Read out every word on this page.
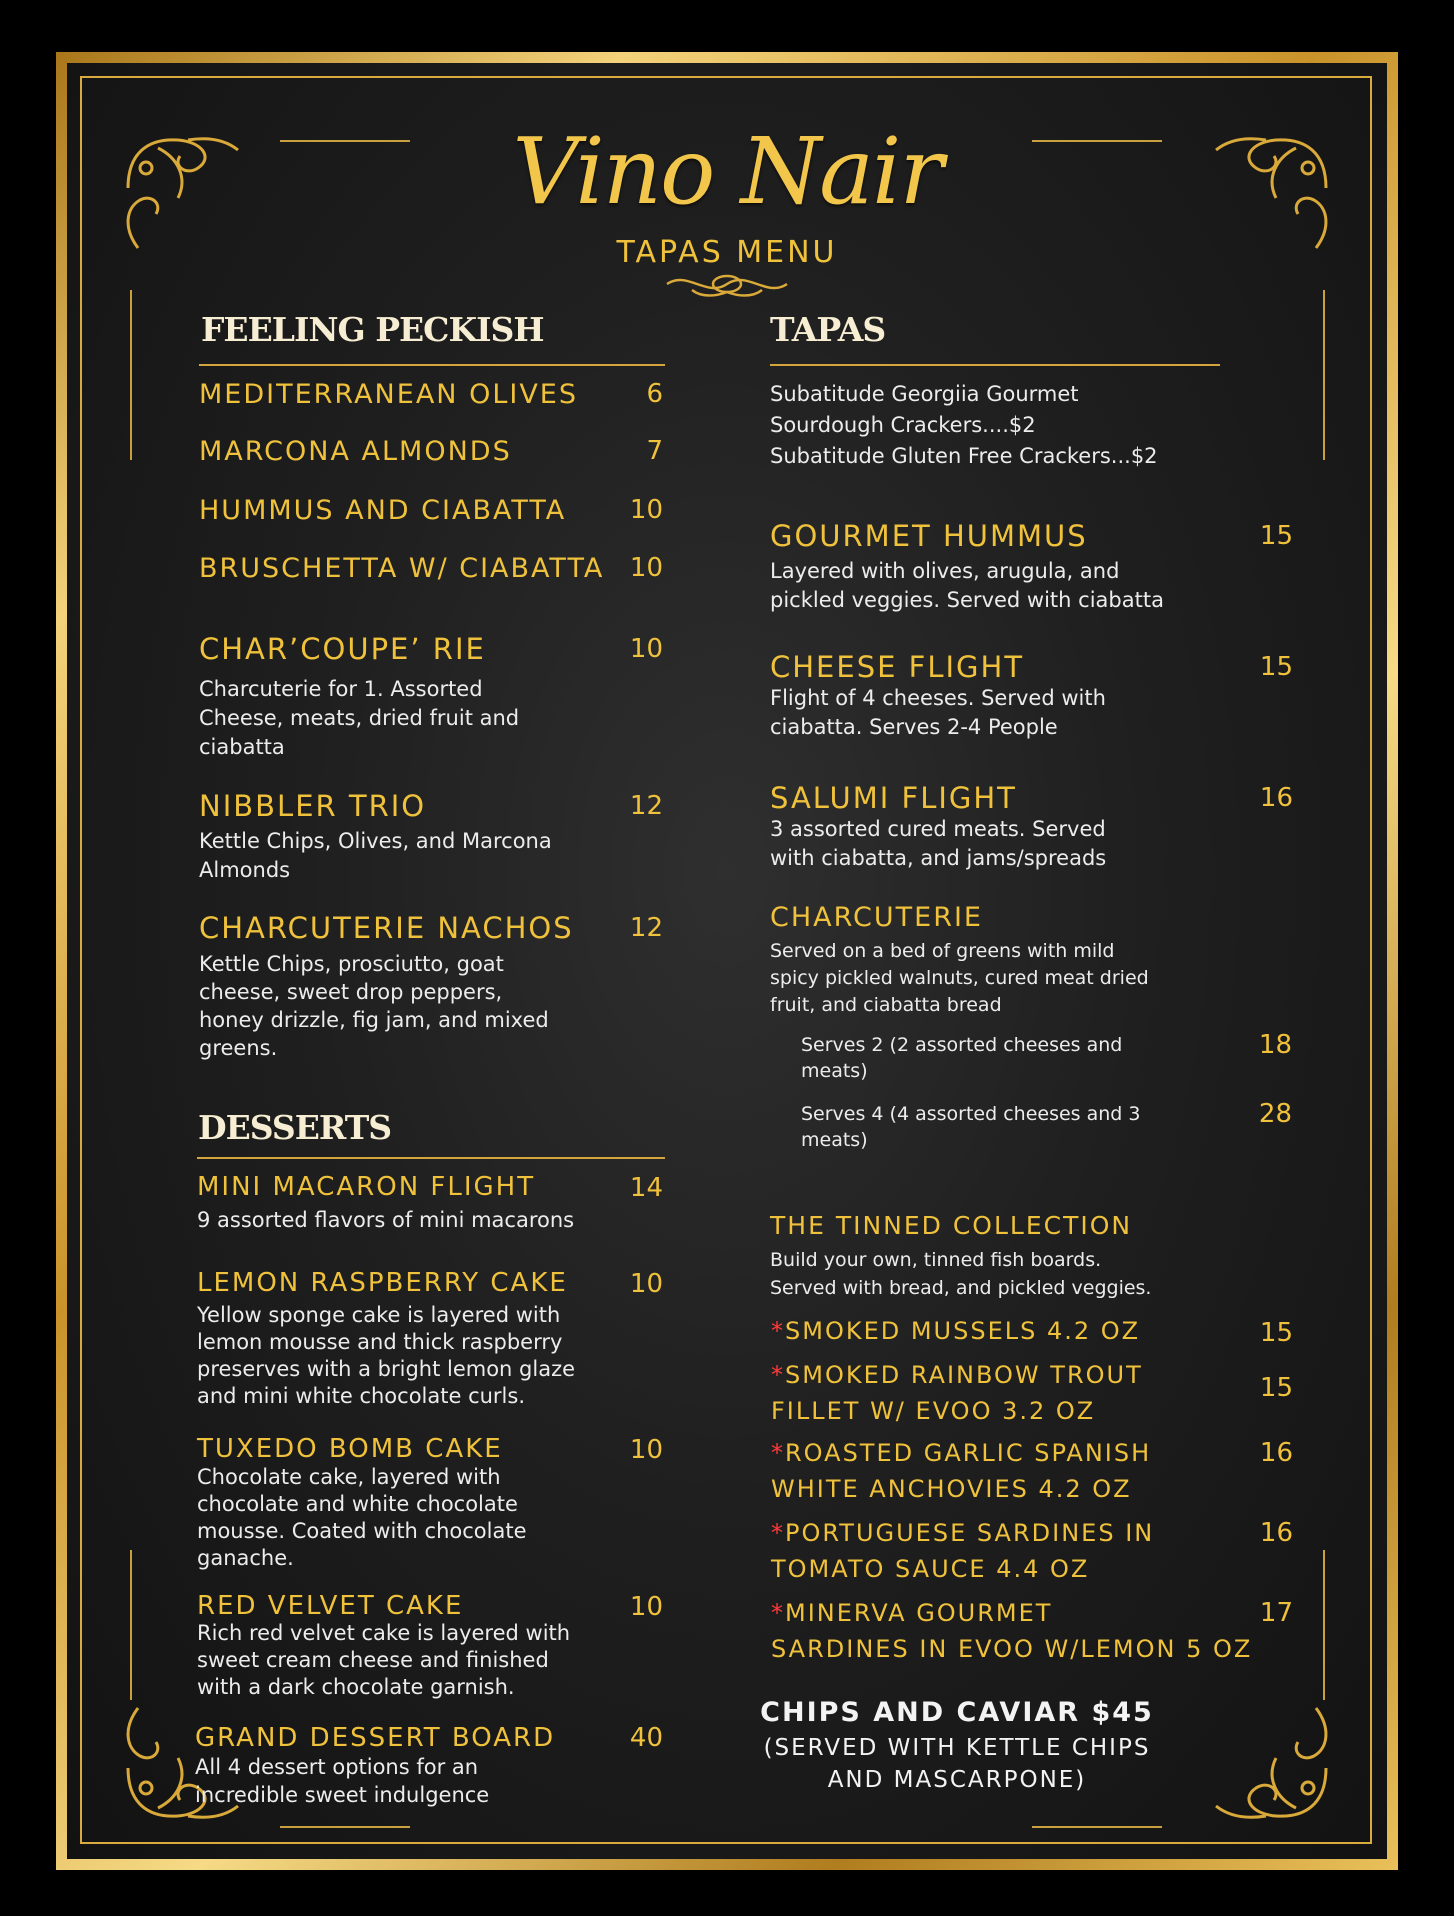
Vino Nair
TAPAS MENU
FEELING PECKISH
MEDITERRANEAN OLIVES	6
MARCONA ALMONDS	7
HUMMUS AND CIABATTA	10
BRUSCHETTA W/ CIABATTA 10
CHAR’COUPE’ RIE	10
Charcuterie for 1. Assorted
Cheese, meats, dried fruit and
ciabatta
NIBBLER TRIO	12
Kettle Chips, Olives, and Marcona
Almonds
CHARCUTERIE NACHOS	12
Kettle Chips, prosciutto, goat
cheese, sweet drop peppers,
honey drizzle, fig jam, and mixed
greens.
DESSERTS
MINI MACARON FLIGHT	14
9 assorted flavors of mini macarons
LEMON RASPBERRY CAKE	10
Yellow sponge cake is layered with
lemon mousse and thick raspberry
preserves with a bright lemon glaze
and mini white chocolate curls.
TUXEDO BOMB CAKE	10
Chocolate cake, layered with
chocolate and white chocolate
mousse. Coated with chocolate
ganache.
RED VELVET CAKE	10
Rich red velvet cake is layered with
sweet cream cheese and finished
with a dark chocolate garnish.
GRAND DESSERT BOARD	40
All 4 dessert options for an
incredible sweet indulgence
TAPAS
Subatitude Georgiia Gourmet
Sourdough Crackers....$2
Subatitude Gluten Free Crackers...$2
GOURMET HUMMUS	15
Layered with olives, arugula, and
pickled veggies. Served with ciabatta
CHEESE FLIGHT	15
Flight of 4 cheeses. Served with
ciabatta. Serves 2-4 People
SALUMI FLIGHT	16
3 assorted cured meats. Served
with ciabatta, and jams/spreads
CHARCUTERIE
Served on a bed of greens with mild
spicy pickled walnuts, cured meat dried
fruit, and ciabatta bread
Serves 2 (2 assorted cheeses and
meats)
18
Serves 4 (4 assorted cheeses and 3
meats)
28
THE TINNED COLLECTION
Build your own, tinned fish boards.
Served with bread, and pickled veggies.
*SMOKED MUSSELS 4.2 OZ	15
*SMOKED RAINBOW TROUT
FILLET W/ EVOO 3.2 OZ
15
*ROASTED GARLIC SPANISH
WHITE ANCHOVIES 4.2 OZ
16
*PORTUGUESE SARDINES IN
TOMATO SAUCE 4.4 OZ
16
*MINERVA GOURMET
SARDINES IN EVOO W/LEMON 5 OZ
17
CHIPS AND CAVIAR $45
(SERVED WITH KETTLE CHIPS
AND MASCARPONE)
